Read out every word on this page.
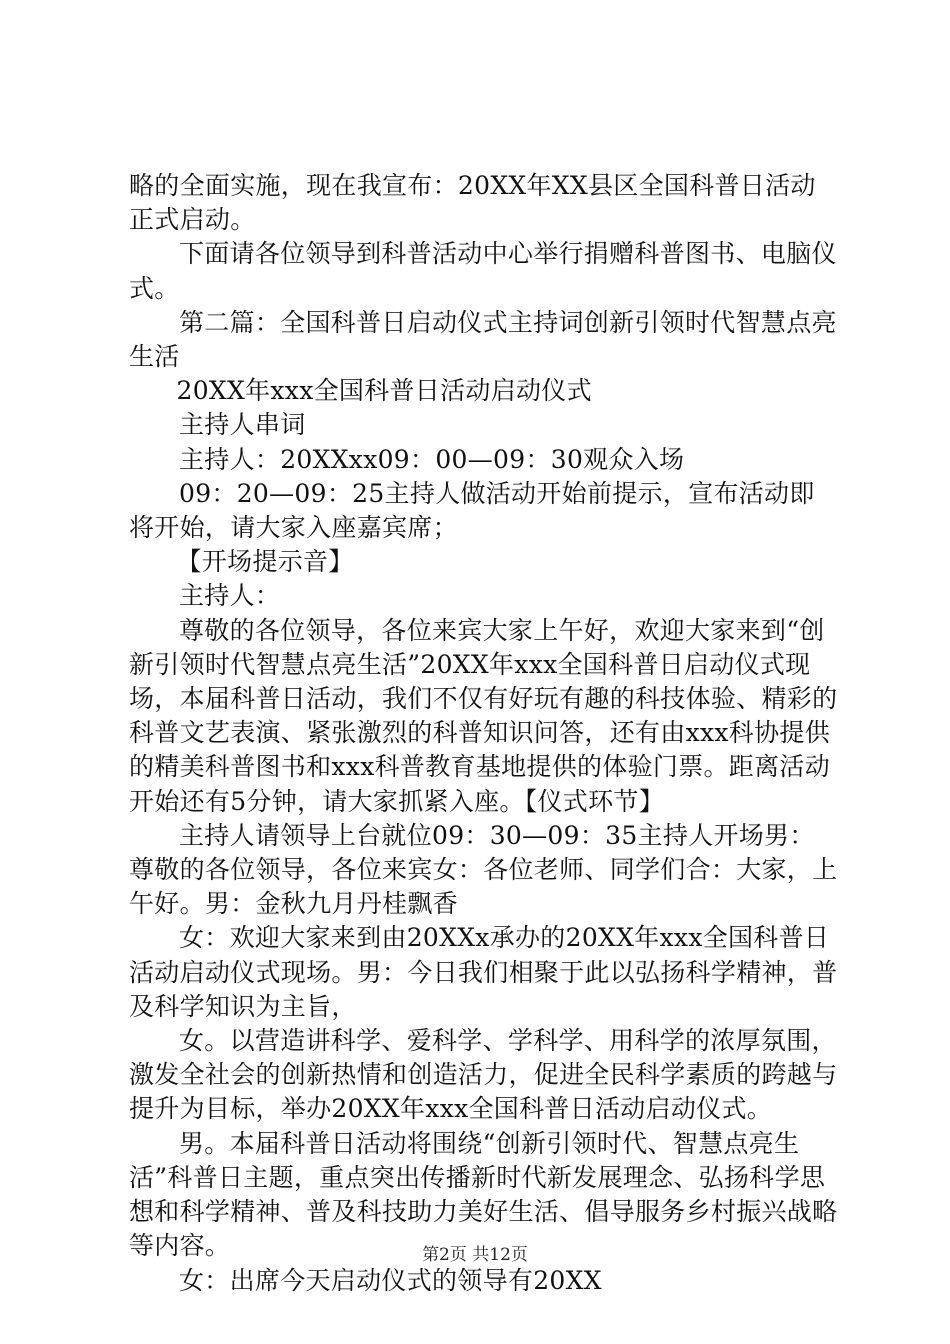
略的全面实施，现在我宣布：20XX年XX县区全国科普日活动正式启动。

下面请各位领导到科普活动中心举行捐赠科普图书、电脑仪式。

第二篇：全国科普日启动仪式主持词创新引领时代智慧点亮生活

20XX年xxx全国科普日活动启动仪式

主持人串词

主持人：20XXxx09：00—09：30观众入场

09：20—09：25主持人做活动开始前提示，宣布活动即将开始，请大家入座嘉宾席；

【开场提示音】

主持人：

尊敬的各位领导，各位来宾大家上午好，欢迎大家来到“创新引领时代智慧点亮生活”20XX年xxx全国科普日启动仪式现场，本届科普日活动，我们不仅有好玩有趣的科技体验、精彩的科普文艺表演、紧张激烈的科普知识问答，还有由xxx科协提供的精美科普图书和xxx科普教育基地提供的体验门票。距离活动开始还有5分钟，请大家抓紧入座。【仪式环节】

主持人请领导上台就位09：30—09：35主持人开场男：尊敬的各位领导，各位来宾女：各位老师、同学们合：大家，上午好。男：金秋九月丹桂飘香

女：欢迎大家来到由20XXx承办的20XX年xxx全国科普日活动启动仪式现场。男：今日我们相聚于此以弘扬科学精神，普及科学知识为主旨，

女。以营造讲科学、爱科学、学科学、用科学的浓厚氛围，激发全社会的创新热情和创造活力，促进全民科学素质的跨越与提升为目标，举办20XX年xxx全国科普日活动启动仪式。

男。本届科普日活动将围绕“创新引领时代、智慧点亮生活”科普日主题，重点突出传播新时代新发展理念、弘扬科学思想和科学精神、普及科技助力美好生活、倡导服务乡村振兴战略等内容。

女：出席今天启动仪式的领导有20XX

第2页 共12页
